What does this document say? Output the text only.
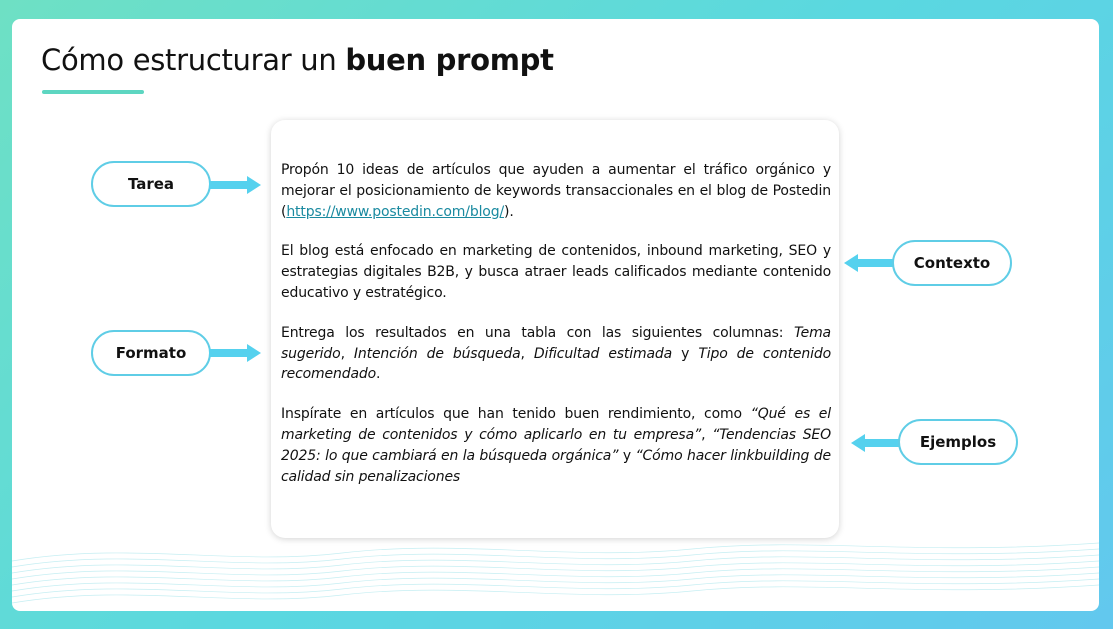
Cómo estructurar un buen prompt
Tarea
Formato
Contexto
Ejemplos

Propón 10 ideas de artículos que ayuden a aumentar el tráfico orgánico y mejorar el posicionamiento de keywords transaccionales en el blog de Postedin (https://www.postedin.com/blog/).

El blog está enfocado en marketing de contenidos, inbound marketing, SEO y estrategias digitales B2B, y busca atraer leads calificados mediante contenido educativo y estratégico.

Entrega los resultados en una tabla con las siguientes columnas: Tema sugerido, Intención de búsqueda, Dificultad estimada y Tipo de contenido recomendado.

Inspírate en artículos que han tenido buen rendimiento, como “Qué es el marketing de contenidos y cómo aplicarlo en tu empresa”, “Tendencias SEO 2025: lo que cambiará en la búsqueda orgánica” y “Cómo hacer linkbuilding de calidad sin penalizaciones
